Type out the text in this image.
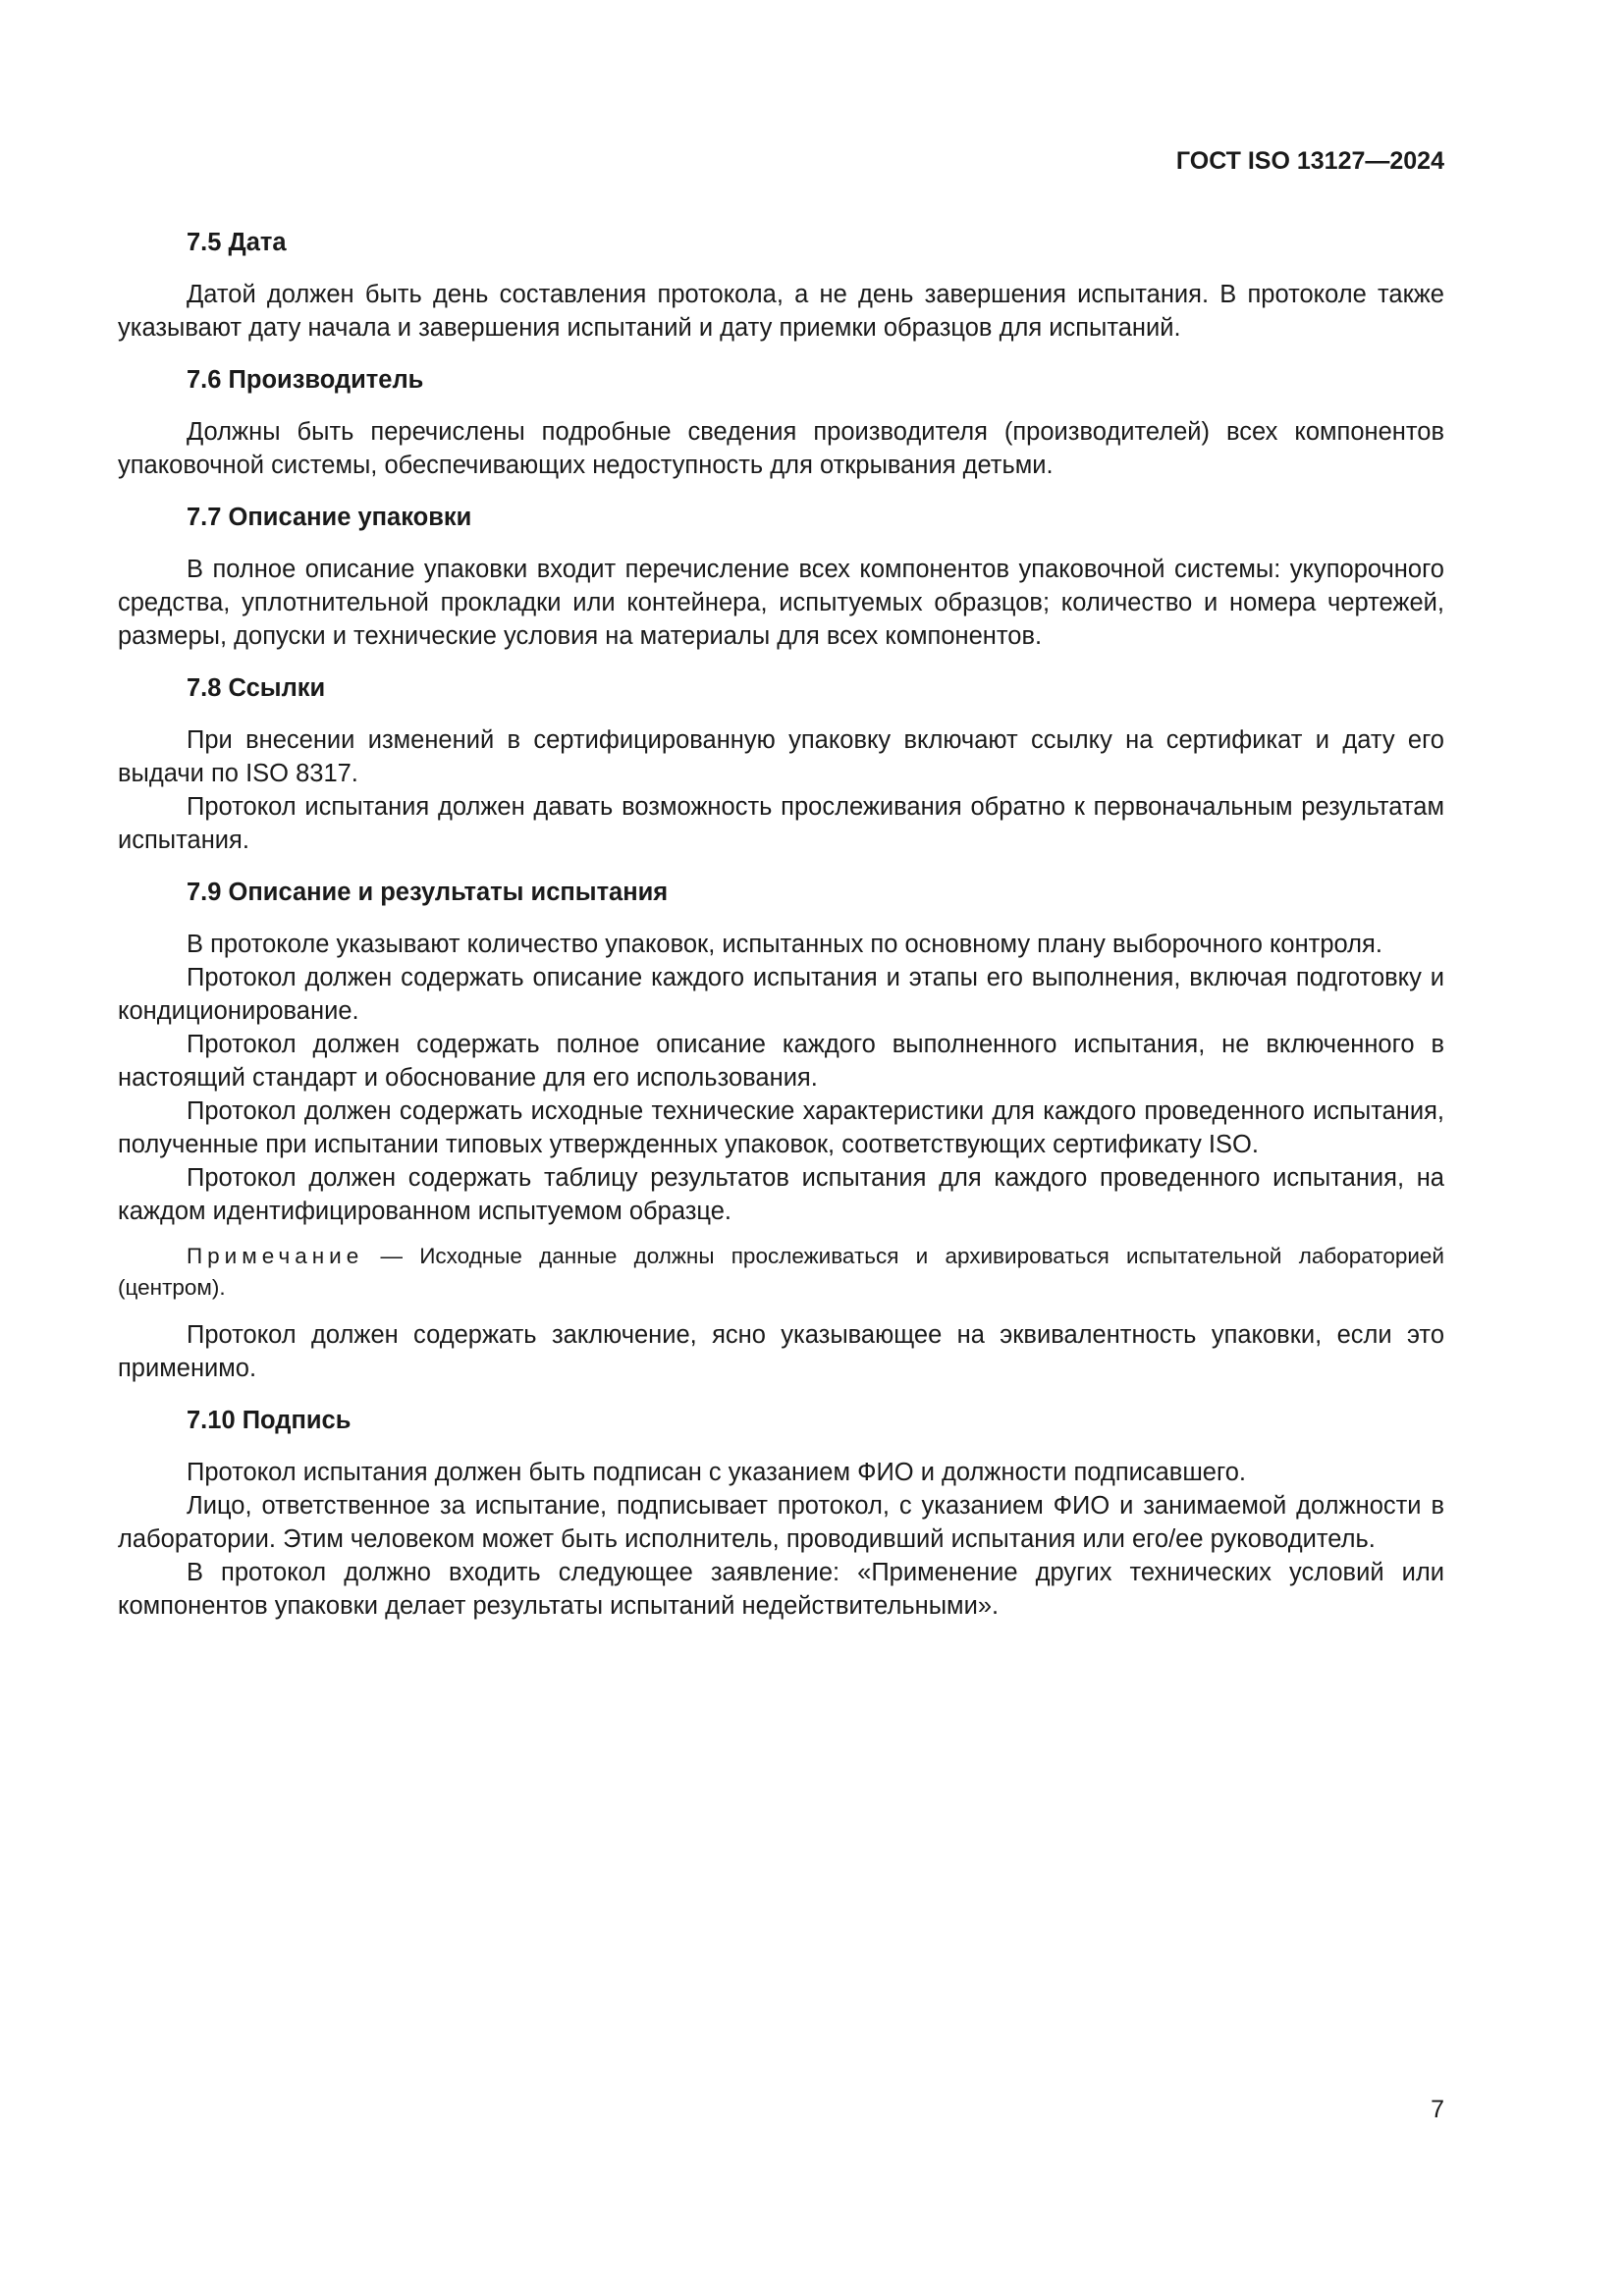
ГОСТ ISO 13127—2024
7.5 Дата

Датой должен быть день составления протокола, а не день завершения испытания. В протоколе также указывают дату начала и завершения испытаний и дату приемки образцов для испытаний.

7.6 Производитель

Должны быть перечислены подробные сведения производителя (производителей) всех компонентов упаковочной системы, обеспечивающих недоступность для открывания детьми.

7.7 Описание упаковки

В полное описание упаковки входит перечисление всех компонентов упаковочной системы: укупорочного средства, уплотнительной прокладки или контейнера, испытуемых образцов; количество и номера чертежей, размеры, допуски и технические условия на материалы для всех компонентов.

7.8 Ссылки

При внесении изменений в сертифицированную упаковку включают ссылку на сертификат и дату его выдачи по ISO 8317.

Протокол испытания должен давать возможность прослеживания обратно к первоначальным результатам испытания.

7.9 Описание и результаты испытания

В протоколе указывают количество упаковок, испытанных по основному плану выборочного контроля.

Протокол должен содержать описание каждого испытания и этапы его выполнения, включая подготовку и кондиционирование.

Протокол должен содержать полное описание каждого выполненного испытания, не включенного в настоящий стандарт и обоснование для его использования.

Протокол должен содержать исходные технические характеристики для каждого проведенного испытания, полученные при испытании типовых утвержденных упаковок, соответствующих сертификату ISO.

Протокол должен содержать таблицу результатов испытания для каждого проведенного испытания, на каждом идентифицированном испытуемом образце.

Примечание — Исходные данные должны прослеживаться и архивироваться испытательной лабораторией (центром).

Протокол должен содержать заключение, ясно указывающее на эквивалентность упаковки, если это применимо.

7.10 Подпись

Протокол испытания должен быть подписан с указанием ФИО и должности подписавшего.

Лицо, ответственное за испытание, подписывает протокол, с указанием ФИО и занимаемой должности в лаборатории. Этим человеком может быть исполнитель, проводивший испытания или его/ее руководитель.

В протокол должно входить следующее заявление: «Применение других технических условий или компонентов упаковки делает результаты испытаний недействительными».

7
